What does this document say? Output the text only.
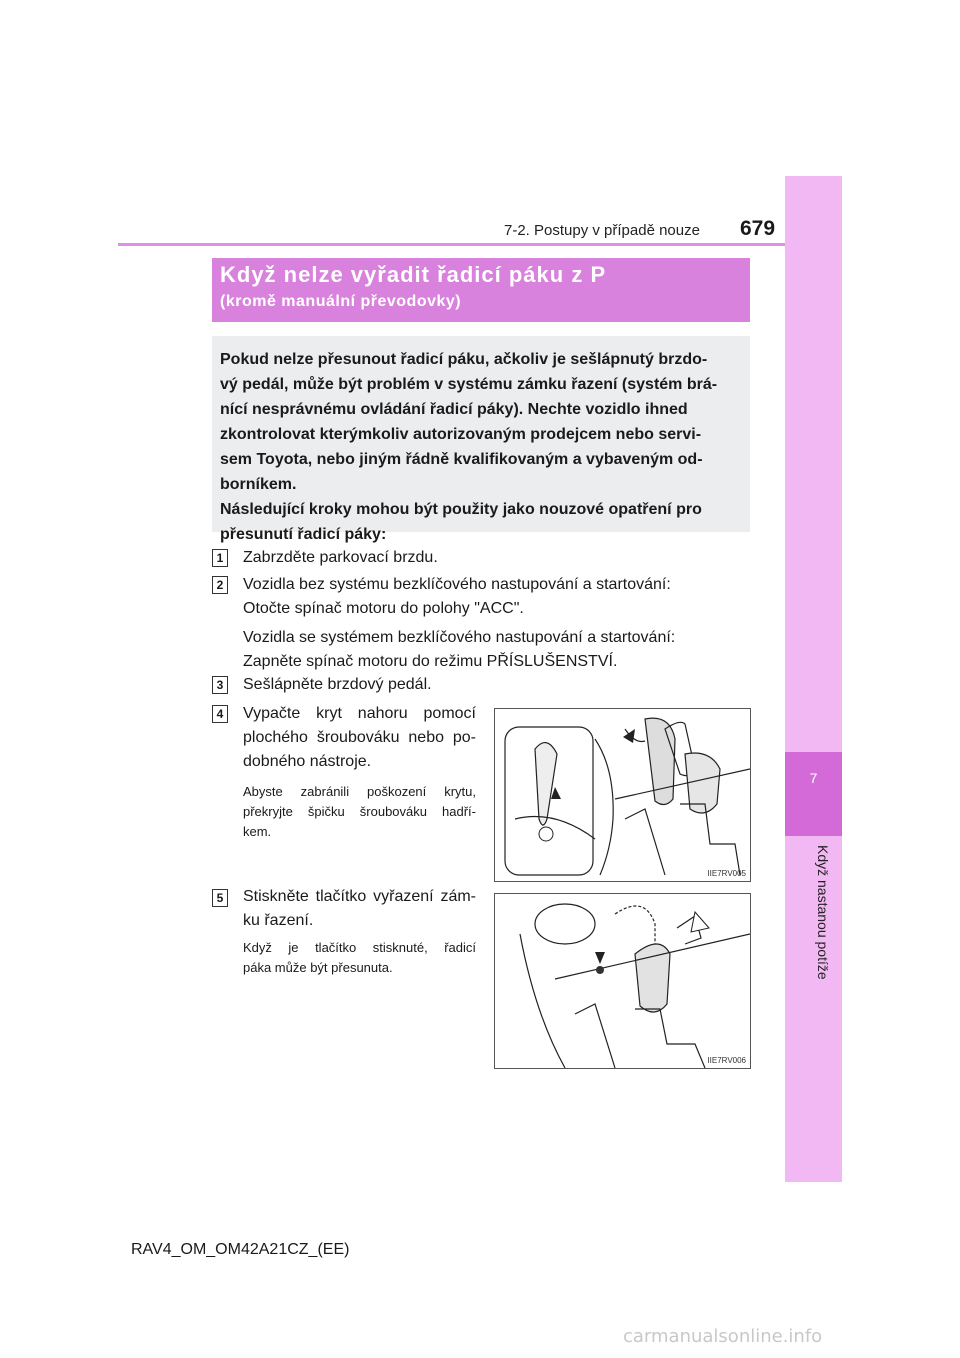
7
Když nastanou potíže
7-2. Postupy v případě nouze 679
Když nelze vyřadit řadicí páku z P
(kromě manuální převodovky)

Pokud nelze přesunout řadicí páku, ačkoliv je sešlápnutý brzdo-

vý pedál, může být problém v systému zámku řazení (systém brá-

nící nesprávnému ovládání řadicí páky). Nechte vozidlo ihned

zkontrolovat kterýmkoliv autorizovaným prodejcem nebo servi-

sem Toyota, nebo jiným řádně kvalifikovaným a vybaveným od-

borníkem.

Následující kroky mohou být použity jako nouzové opatření pro

přesunutí řadicí páky:

1 Zabrzděte parkovací brzdu.
2 Vozidla bez systému bezklíčového nastupování a startování:
Otočte spínač motoru do polohy "ACC".
Vozidla se systémem bezklíčového nastupování a startování:
Zapněte spínač motoru do režimu PŘÍSLUŠENSTVÍ.
3 Sešlápněte brzdový pedál.
4 Vypačte kryt nahoru pomocí
plochého šroubováku nebo po-
dobného nástroje.
Abyste zabránili poškození krytu,
překryjte špičku šroubováku hadří-
kem.
IIE7RV005
5 Stiskněte tlačítko vyřazení zám-
ku řazení.
Když je tlačítko stisknuté, řadicí
páka může být přesunuta.
IIE7RV006
RAV4_OM_OM42A21CZ_(EE)
carmanualsonline.info
